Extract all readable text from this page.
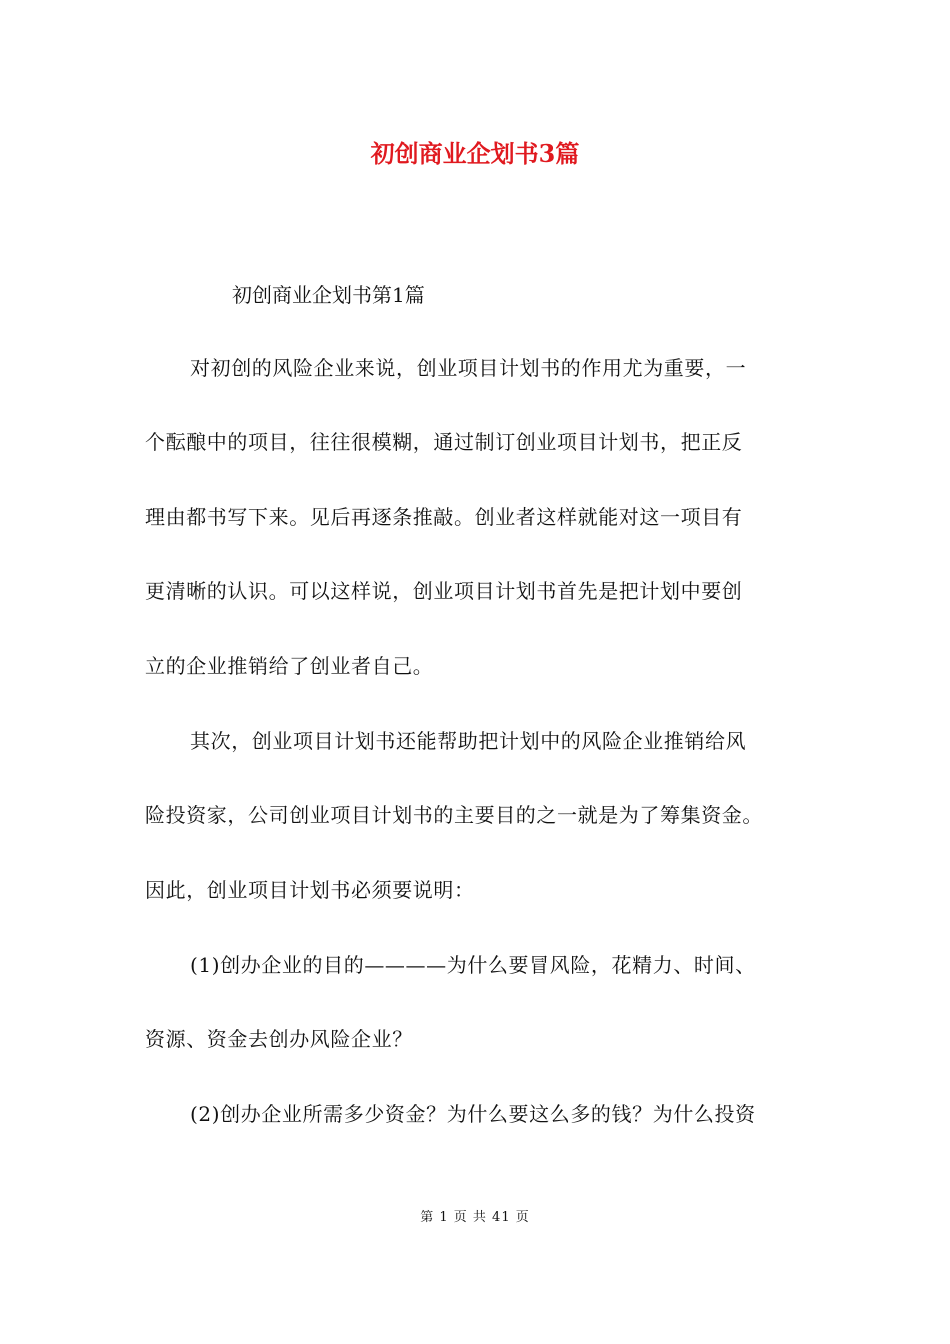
初创商业企划书3篇
初创商业企划书第1篇
对初创的风险企业来说，创业项目计划书的作用尤为重要，一
个酝酿中的项目，往往很模糊，通过制订创业项目计划书，把正反
理由都书写下来。见后再逐条推敲。创业者这样就能对这一项目有
更清晰的认识。可以这样说，创业项目计划书首先是把计划中要创
立的企业推销给了创业者自己。
其次，创业项目计划书还能帮助把计划中的风险企业推销给风
险投资家，公司创业项目计划书的主要目的之一就是为了筹集资金。
因此，创业项目计划书必须要说明：
(1)创办企业的目的————为什么要冒风险，花精力、时间、
资源、资金去创办风险企业？
(2)创办企业所需多少资金？为什么要这么多的钱？为什么投资
第 1 页 共 41 页
